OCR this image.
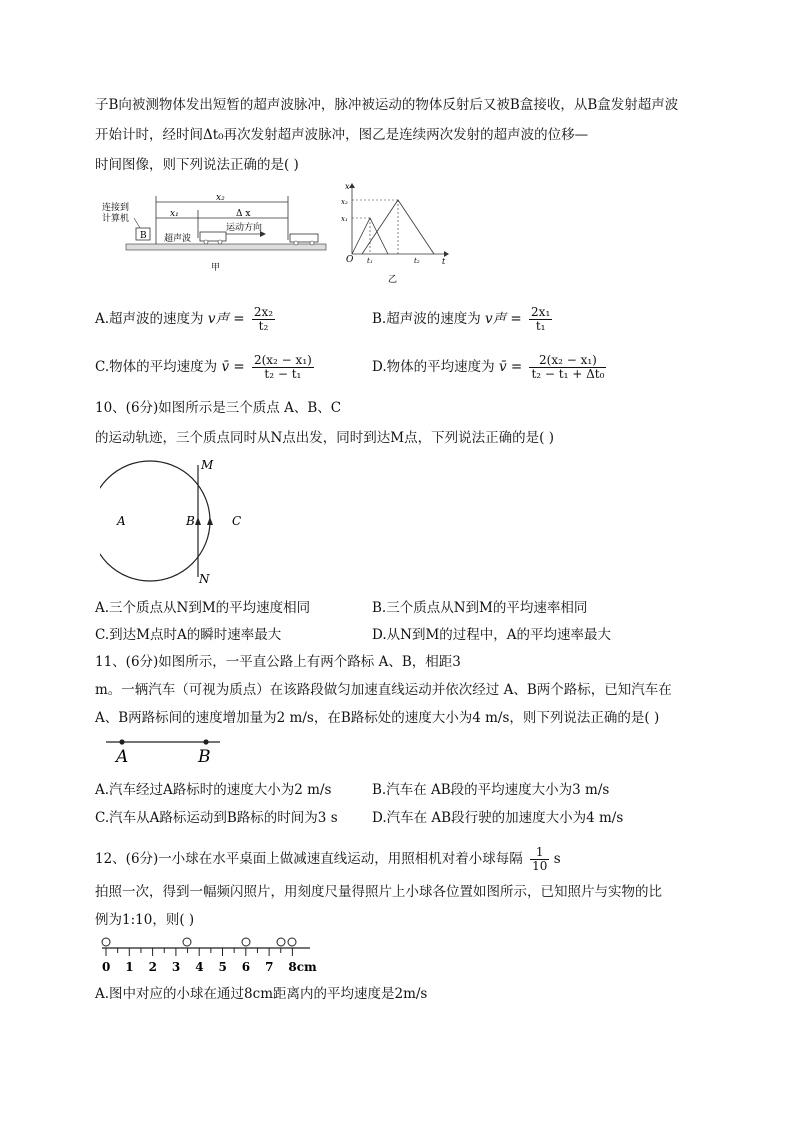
子B向被测物体发出短暂的超声波脉冲，脉冲被运动的物体反射后又被B盒接收，从B盒发射超声波
开始计时，经时间Δt₀再次发射超声波脉冲，图乙是连续两次发射的超声波的位移—
时间图像，则下列说法正确的是( )
B
连接到
计算机
x₂
x₁	Δ x
运动方向
超声波
甲
x
t
O
x₂
x₁
t₁	t₂
乙
A.超声波的速度为 v声 = $\frac{\text{2x₂}}{\text{t₂}}$	B.超声波的速度为 v声 = $\frac{\text{2x₁}}{\text{t₁}}$
C.物体的平均速度为 v̄ = $\frac{\text{2(x₂ − x₁)}}{\text{t₂ − t₁}}$	D.物体的平均速度为 v̄ = $\frac{\text{2(x₂ − x₁)}}{\text{t₂ − t₁ + Δt₀}}$
10、(6分)如图所示是三个质点 A、B、C
的运动轨迹，三个质点同时从N点出发，同时到达M点，下列说法正确的是( )
M
N
A	B	C
A.三个质点从N到M的平均速度相同	B.三个质点从N到M的平均速率相同
C.到达M点时A的瞬时速率最大	D.从N到M的过程中，A的平均速率最大
11、(6分)如图所示，一平直公路上有两个路标 A、B，相距3
m。一辆汽车（可视为质点）在该路段做匀加速直线运动并依次经过 A、B两个路标，已知汽车在
A、B两路标间的速度增加量为2 m/s，在B路标处的速度大小为4 m/s，则下列说法正确的是( )
A	B
A.汽车经过A路标时的速度大小为2 m/s	B.汽车在 AB段的平均速度大小为3 m/s
C.汽车从A路标运动到B路标的时间为3 s	D.汽车在 AB段行驶的加速度大小为4 m/s
12、(6分)一小球在水平桌面上做减速直线运动，用照相机对着小球每隔 $\frac{1}{10}$ s
拍照一次，得到一幅频闪照片，用刻度尺量得照片上小球各位置如图所示，已知照片与实物的比
例为1:10，则( )
0 1 2 3 4 5 6 7 8cm
A.图中对应的小球在通过8cm距离内的平均速度是2m/s
